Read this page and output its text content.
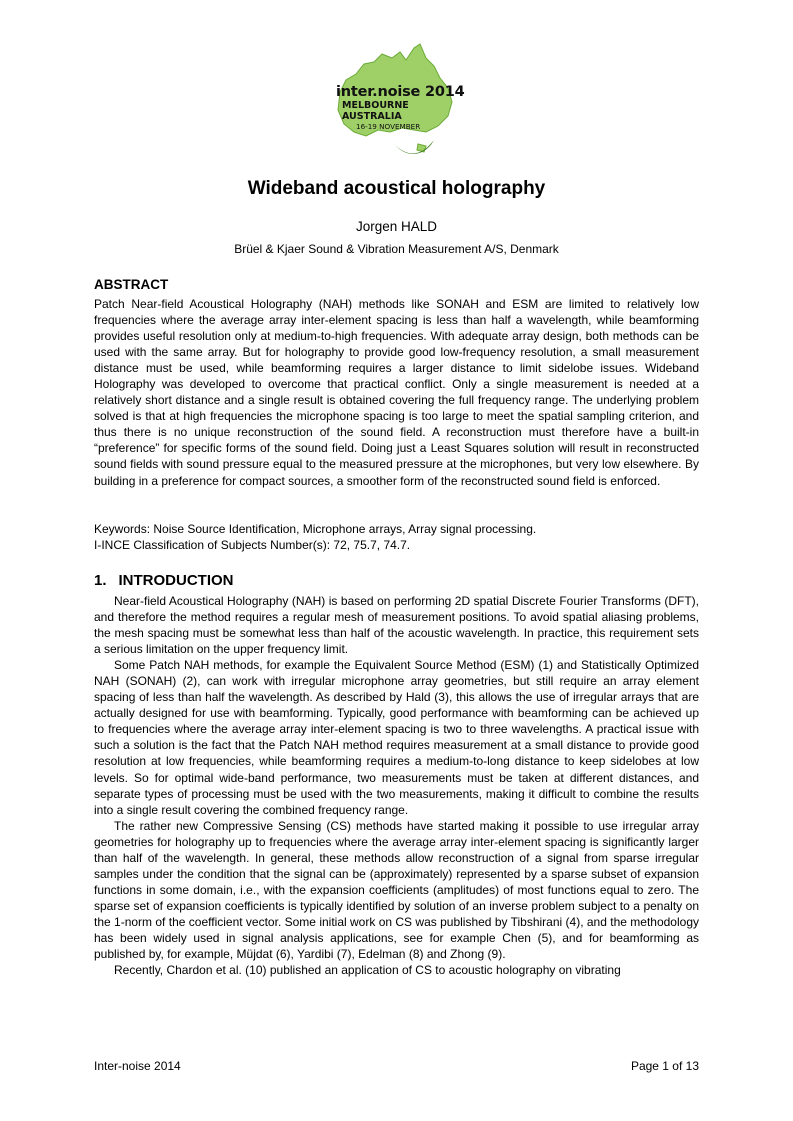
inter.noise 2014
MELBOURNE AUSTRALIA
16-19 NOVEMBER
Wideband acoustical holography
Jorgen HALD
Brüel & Kjaer Sound & Vibration Measurement A/S, Denmark
ABSTRACT

Patch Near-field Acoustical Holography (NAH) methods like SONAH and ESM are limited to relatively low frequencies where the average array inter-element spacing is less than half a wavelength, while beamforming provides useful resolution only at medium-to-high frequencies. With adequate array design, both methods can be used with the same array. But for holography to provide good low-frequency resolution, a small measurement distance must be used, while beamforming requires a larger distance to limit sidelobe issues. Wideband Holography was developed to overcome that practical conflict. Only a single measurement is needed at a relatively short distance and a single result is obtained covering the full frequency range. The underlying problem solved is that at high frequencies the microphone spacing is too large to meet the spatial sampling criterion, and thus there is no unique reconstruction of the sound field. A reconstruction must therefore have a built-in “preference” for specific forms of the sound field. Doing just a Least Squares solution will result in reconstructed sound fields with sound pressure equal to the measured pressure at the microphones, but very low elsewhere. By building in a preference for compact sources, a smoother form of the reconstructed sound field is enforced.

Keywords: Noise Source Identification, Microphone arrays, Array signal processing.
I-INCE Classification of Subjects Number(s): 72, 75.7, 74.7.
1. INTRODUCTION

Near-field Acoustical Holography (NAH) is based on performing 2D spatial Discrete Fourier Transforms (DFT), and therefore the method requires a regular mesh of measurement positions. To avoid spatial aliasing problems, the mesh spacing must be somewhat less than half of the acoustic wavelength. In practice, this requirement sets a serious limitation on the upper frequency limit.

Some Patch NAH methods, for example the Equivalent Source Method (ESM) (1) and Statistically Optimized NAH (SONAH) (2), can work with irregular microphone array geometries, but still require an array element spacing of less than half the wavelength. As described by Hald (3), this allows the use of irregular arrays that are actually designed for use with beamforming. Typically, good performance with beamforming can be achieved up to frequencies where the average array inter-element spacing is two to three wavelengths. A practical issue with such a solution is the fact that the Patch NAH method requires measurement at a small distance to provide good resolution at low frequencies, while beamforming requires a medium-to-long distance to keep sidelobes at low levels. So for optimal wide-band performance, two measurements must be taken at different distances, and separate types of processing must be used with the two measurements, making it difficult to combine the results into a single result covering the combined frequency range.

The rather new Compressive Sensing (CS) methods have started making it possible to use irregular array geometries for holography up to frequencies where the average array inter-element spacing is significantly larger than half of the wavelength. In general, these methods allow reconstruction of a signal from sparse irregular samples under the condition that the signal can be (approximately) represented by a sparse subset of expansion functions in some domain, i.e., with the expansion coefficients (amplitudes) of most functions equal to zero. The sparse set of expansion coefficients is typically identified by solution of an inverse problem subject to a penalty on the 1-norm of the coefficient vector. Some initial work on CS was published by Tibshirani (4), and the methodology has been widely used in signal analysis applications, see for example Chen (5), and for beamforming as published by, for example, Müjdat (6), Yardibi (7), Edelman (8) and Zhong (9).

Recently, Chardon et al. (10) published an application of CS to acoustic holography on vibrating

Inter-noise 2014	Page 1 of 13
